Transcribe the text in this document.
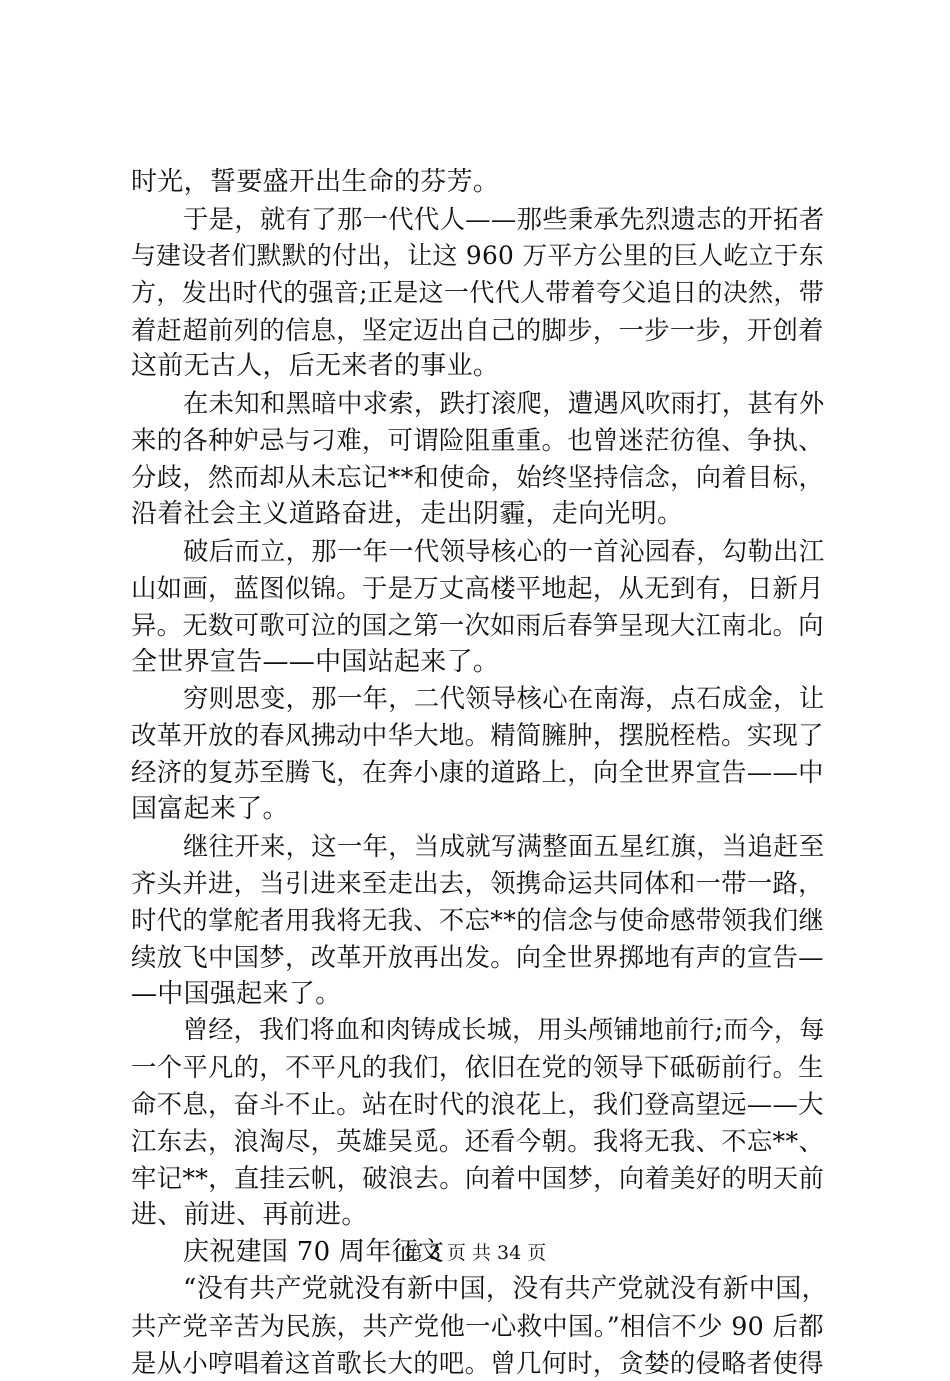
时光，誓要盛开出生命的芬芳。
于是，就有了那一代代人——那些秉承先烈遗志的开拓者
与建设者们默默的付出，让这 960 万平方公里的巨人屹立于东
方，发出时代的强音;正是这一代代人带着夸父追日的决然，带
着赶超前列的信息，坚定迈出自己的脚步，一步一步，开创着
这前无古人，后无来者的事业。
在未知和黑暗中求索，跌打滚爬，遭遇风吹雨打，甚有外
来的各种妒忌与刁难，可谓险阻重重。也曾迷茫彷徨、争执、
分歧，然而却从未忘记**和使命，始终坚持信念，向着目标，
沿着社会主义道路奋进，走出阴霾，走向光明。
破后而立，那一年一代领导核心的一首沁园春，勾勒出江
山如画，蓝图似锦。于是万丈高楼平地起，从无到有，日新月
异。无数可歌可泣的国之第一次如雨后春笋呈现大江南北。向
全世界宣告——中国站起来了。
穷则思变，那一年，二代领导核心在南海，点石成金，让
改革开放的春风拂动中华大地。精简臃肿，摆脱桎梏。实现了
经济的复苏至腾飞，在奔小康的道路上，向全世界宣告——中
国富起来了。
继往开来，这一年，当成就写满整面五星红旗，当追赶至
齐头并进，当引进来至走出去，领携命运共同体和一带一路，
时代的掌舵者用我将无我、不忘**的信念与使命感带领我们继
续放飞中国梦，改革开放再出发。向全世界掷地有声的宣告—
—中国强起来了。
曾经，我们将血和肉铸成长城，用头颅铺地前行;而今，每
一个平凡的，不平凡的我们，依旧在党的领导下砥砺前行。生
命不息，奋斗不止。站在时代的浪花上，我们登高望远——大
江东去，浪淘尽，英雄吴觅。还看今朝。我将无我、不忘**、
牢记**，直挂云帆，破浪去。向着中国梦，向着美好的明天前
进、前进、再前进。
庆祝建国 70 周年征文
“没有共产党就没有新中国，没有共产党就没有新中国，
共产党辛苦为民族，共产党他一心救中国。”相信不少 90 后都
是从小哼唱着这首歌长大的吧。曾几何时，贪婪的侵略者使得
第 3 页 共 34 页
